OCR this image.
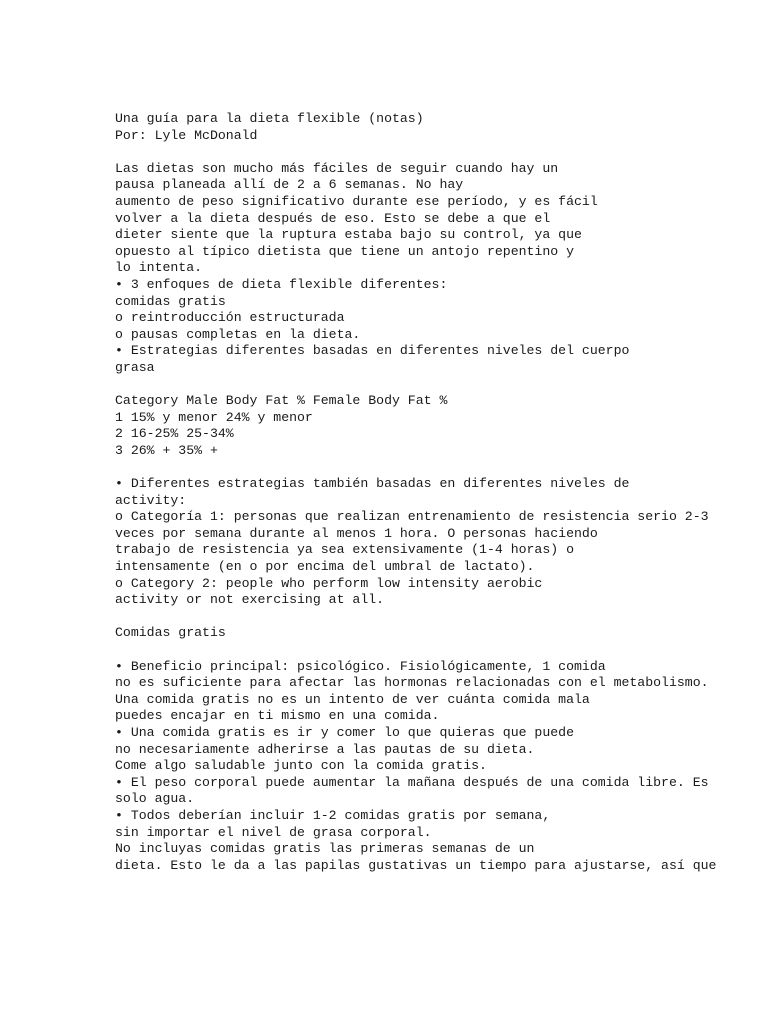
Una guía para la dieta flexible (notas)
Por: Lyle McDonald
Las dietas son mucho más fáciles de seguir cuando hay un
pausa planeada allí de 2 a 6 semanas. No hay
aumento de peso significativo durante ese período, y es fácil
volver a la dieta después de eso. Esto se debe a que el
dieter siente que la ruptura estaba bajo su control, ya que
opuesto al típico dietista que tiene un antojo repentino y
lo intenta.
• 3 enfoques de dieta flexible diferentes:
comidas gratis
o reintroducción estructurada
o pausas completas en la dieta.
• Estrategias diferentes basadas en diferentes niveles del cuerpo
grasa
Category Male Body Fat % Female Body Fat %
1 15% y menor 24% y menor
2 16-25% 25-34%
3 26% + 35% +
• Diferentes estrategias también basadas en diferentes niveles de
activity:
o Categoría 1: personas que realizan entrenamiento de resistencia serio 2-3
veces por semana durante al menos 1 hora. O personas haciendo
trabajo de resistencia ya sea extensivamente (1-4 horas) o
intensamente (en o por encima del umbral de lactato).
o Category 2: people who perform low intensity aerobic
activity or not exercising at all.
Comidas gratis
• Beneficio principal: psicológico. Fisiológicamente, 1 comida
no es suficiente para afectar las hormonas relacionadas con el metabolismo.
Una comida gratis no es un intento de ver cuánta comida mala
puedes encajar en ti mismo en una comida.
• Una comida gratis es ir y comer lo que quieras que puede
no necesariamente adherirse a las pautas de su dieta.
Come algo saludable junto con la comida gratis.
• El peso corporal puede aumentar la mañana después de una comida libre. Es
solo agua.
• Todos deberían incluir 1-2 comidas gratis por semana,
sin importar el nivel de grasa corporal.
No incluyas comidas gratis las primeras semanas de un
dieta. Esto le da a las papilas gustativas un tiempo para ajustarse, así que
